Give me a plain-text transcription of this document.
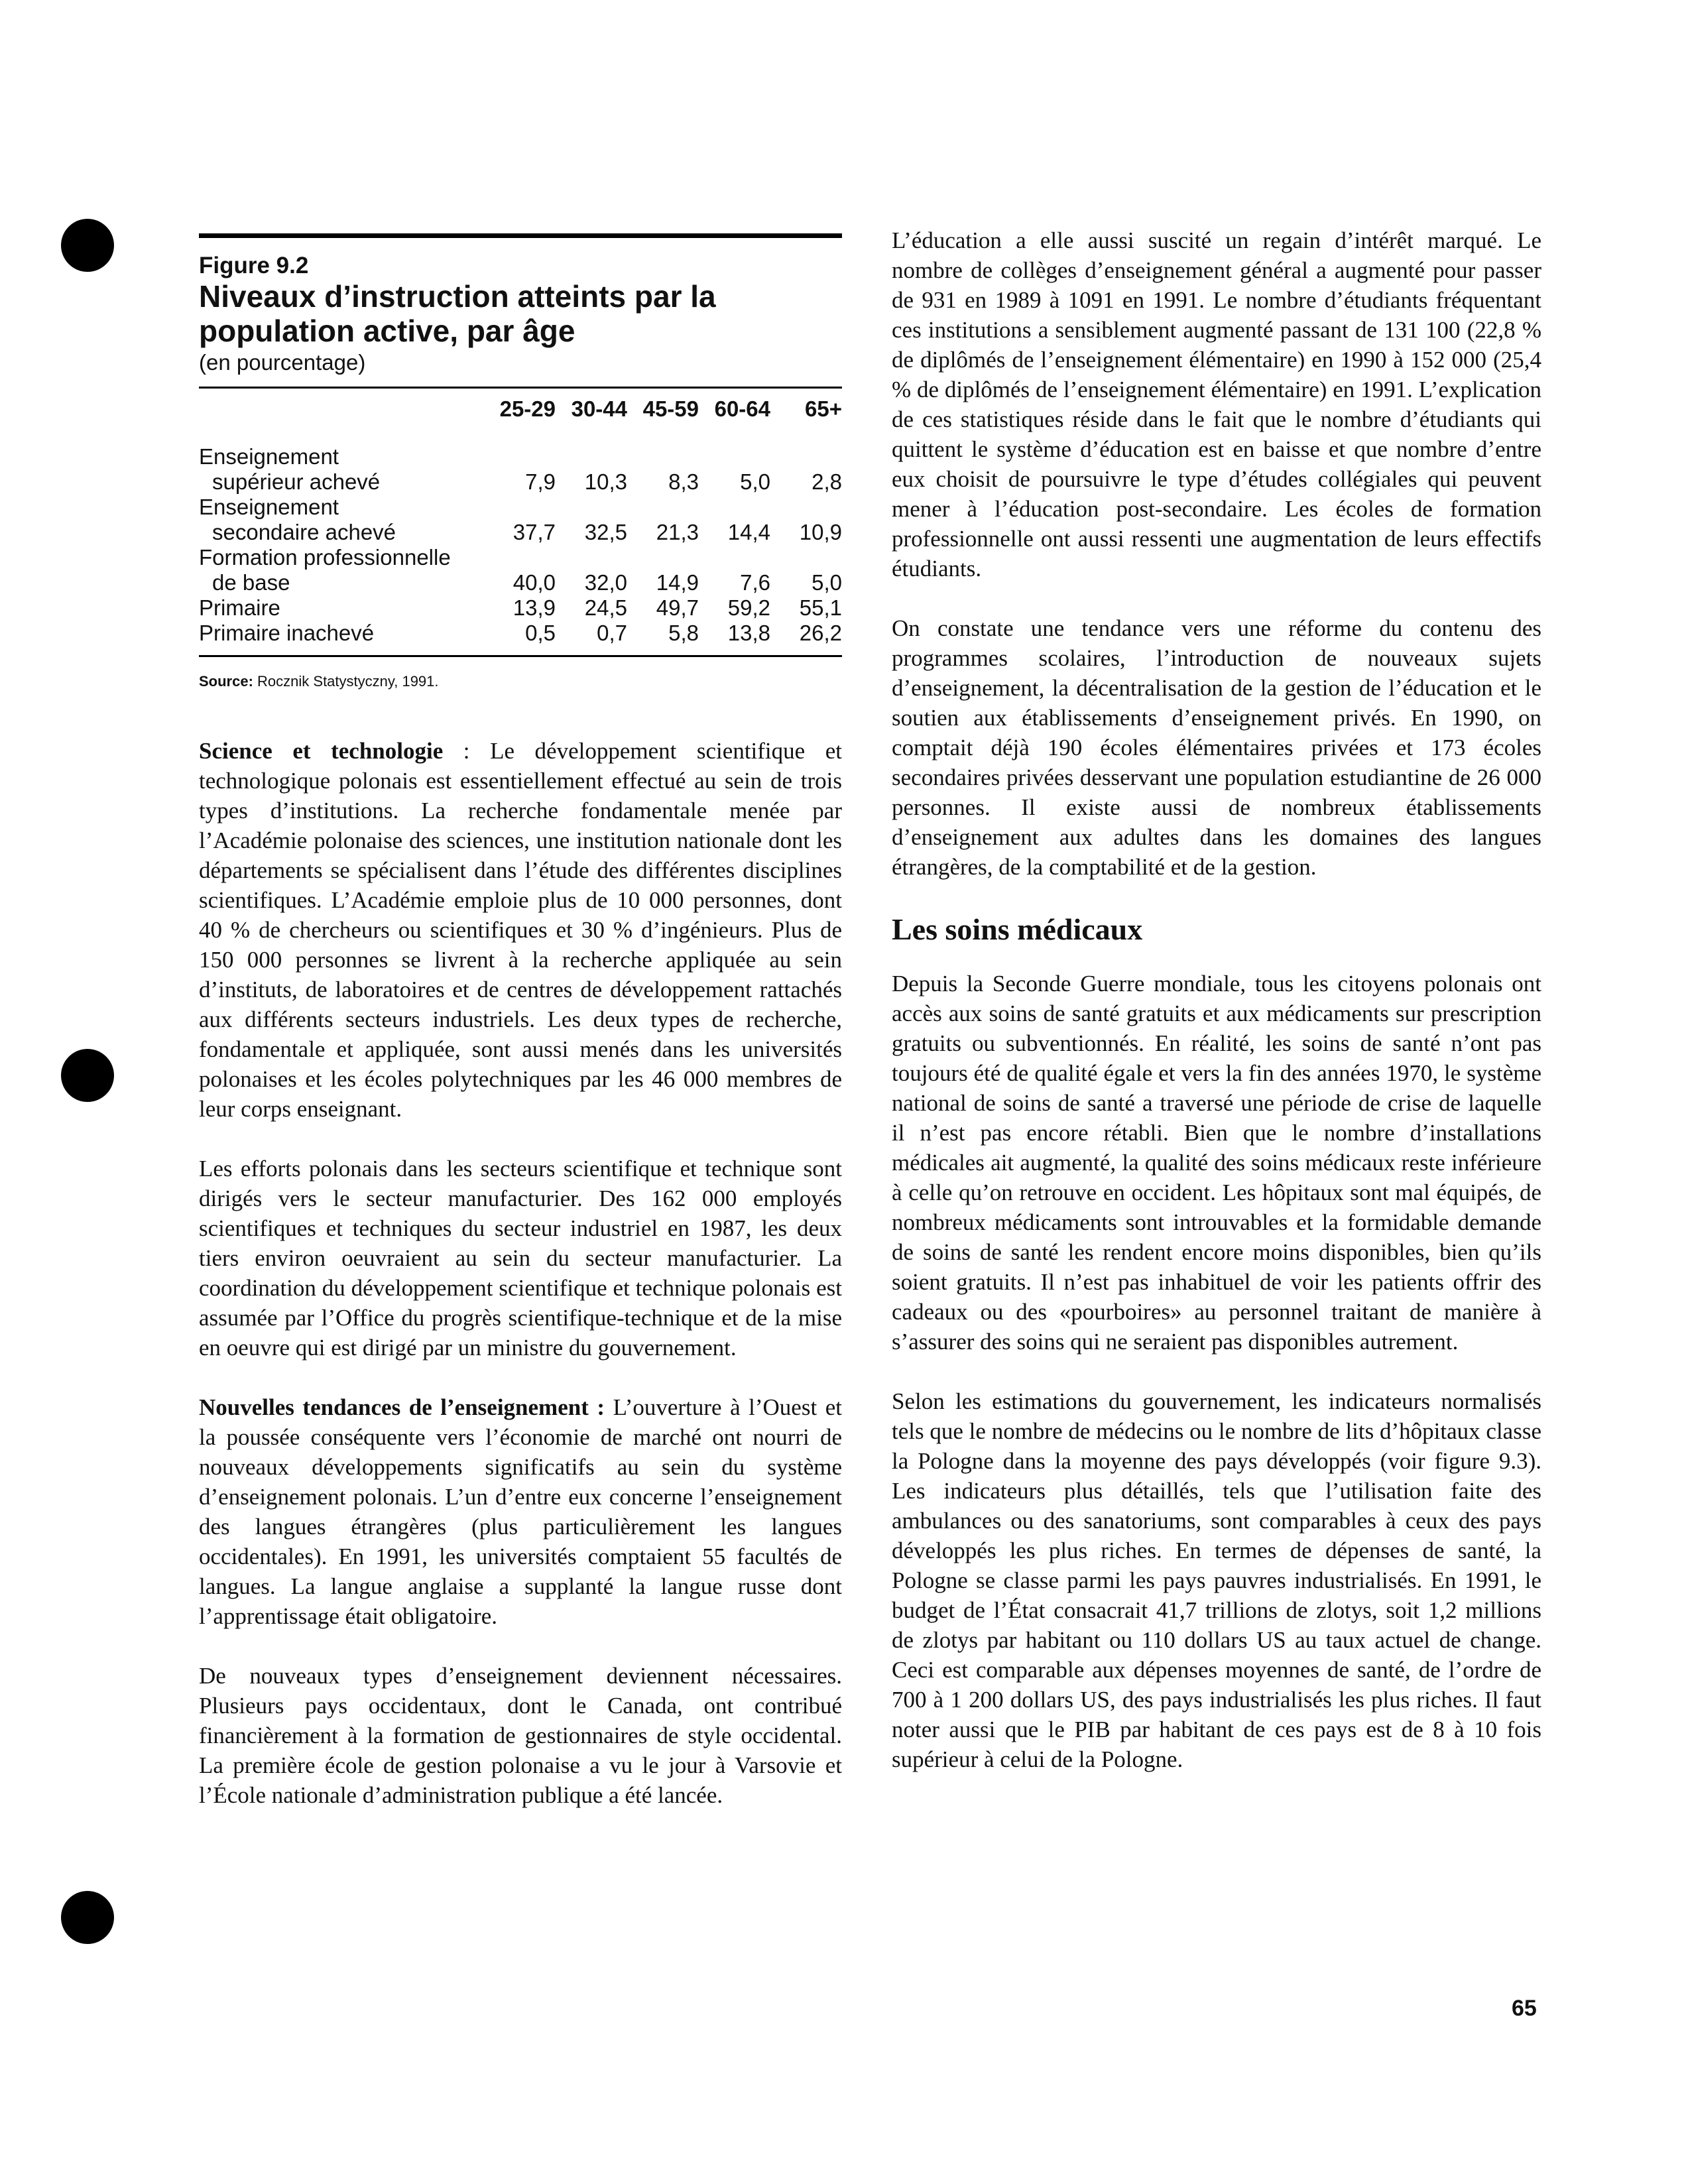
Figure 9.2
Niveaux d’instruction atteints par la population active, par âge
(en pourcentage)
	25-29	30-44	45-59	60-64	65+

Enseignement
supérieur achevé	7,9	10,3	8,3	5,0	2,8

Enseignement
secondaire achevé	37,7	32,5	21,3	14,4	10,9

Formation professionnelle
de base	40,0	32,0	14,9	7,6	5,0
Primaire	13,9	24,5	49,7	59,2	55,1
Primaire inachevé	0,5	0,7	5,8	13,8	26,2
Source: Rocznik Statystyczny, 1991.

Science et technologie : Le développement scientifique et technologique polonais est essentiellement effectué au sein de trois types d’institutions. La recherche fondamentale menée par l’Académie polonaise des sciences, une institution nationale dont les départements se spécialisent dans l’étude des différentes disciplines scientifiques. L’Académie emploie plus de 10 000 personnes, dont 40 % de chercheurs ou scientifiques et 30 % d’ingénieurs. Plus de 150 000 personnes se livrent à la recherche appliquée au sein d’instituts, de laboratoires et de centres de développement rattachés aux différents secteurs industriels. Les deux types de recherche, fondamentale et appliquée, sont aussi menés dans les universités polonaises et les écoles polytechniques par les 46 000 membres de leur corps enseignant.

Les efforts polonais dans les secteurs scientifique et technique sont dirigés vers le secteur manufacturier. Des 162 000 employés scientifiques et techniques du secteur industriel en 1987, les deux tiers environ oeuvraient au sein du secteur manufacturier. La coordination du développement scientifique et technique polonais est assumée par l’Office du progrès scientifique-technique et de la mise en oeuvre qui est dirigé par un ministre du gouvernement.

Nouvelles tendances de l’enseignement : L’ouverture à l’Ouest et la poussée conséquente vers l’économie de marché ont nourri de nouveaux développements significatifs au sein du système d’enseignement polonais. L’un d’entre eux concerne l’enseignement des langues étrangères (plus particulièrement les langues occidentales). En 1991, les universités comptaient 55 facultés de langues. La langue anglaise a supplanté la langue russe dont l’apprentissage était obligatoire.

De nouveaux types d’enseignement deviennent nécessaires. Plusieurs pays occidentaux, dont le Canada, ont contribué financièrement à la formation de gestionnaires de style occidental. La première école de gestion polonaise a vu le jour à Varsovie et l’École nationale d’administration publique a été lancée.

L’éducation a elle aussi suscité un regain d’intérêt marqué. Le nombre de collèges d’enseignement général a augmenté pour passer de 931 en 1989 à 1091 en 1991. Le nombre d’étudiants fréquentant ces institutions a sensiblement augmenté passant de 131 100 (22,8 % de diplômés de l’enseignement élémentaire) en 1990 à 152 000 (25,4 % de diplômés de l’enseignement élémentaire) en 1991. L’explication de ces statistiques réside dans le fait que le nombre d’étudiants qui quittent le système d’éducation est en baisse et que nombre d’entre eux choisit de poursuivre le type d’études collégiales qui peuvent mener à l’éducation post-secondaire. Les écoles de formation professionnelle ont aussi ressenti une augmentation de leurs effectifs étudiants.

On constate une tendance vers une réforme du contenu des programmes scolaires, l’introduction de nouveaux sujets d’enseignement, la décentralisation de la gestion de l’éducation et le soutien aux établissements d’enseignement privés. En 1990, on comptait déjà 190 écoles élémentaires privées et 173 écoles secondaires privées desservant une population estudiantine de 26 000 personnes. Il existe aussi de nombreux établissements d’enseignement aux adultes dans les domaines des langues étrangères, de la comptabilité et de la gestion.

Les soins médicaux

Depuis la Seconde Guerre mondiale, tous les citoyens polonais ont accès aux soins de santé gratuits et aux médicaments sur prescription gratuits ou subventionnés. En réalité, les soins de santé n’ont pas toujours été de qualité égale et vers la fin des années 1970, le système national de soins de santé a traversé une période de crise de laquelle il n’est pas encore rétabli. Bien que le nombre d’installations médicales ait augmenté, la qualité des soins médicaux reste inférieure à celle qu’on retrouve en occident. Les hôpitaux sont mal équipés, de nombreux médicaments sont introuvables et la formidable demande de soins de santé les rendent encore moins disponibles, bien qu’ils soient gratuits. Il n’est pas inhabituel de voir les patients offrir des cadeaux ou des «pourboires» au personnel traitant de manière à s’assurer des soins qui ne seraient pas disponibles autrement.

Selon les estimations du gouvernement, les indicateurs normalisés tels que le nombre de médecins ou le nombre de lits d’hôpitaux classe la Pologne dans la moyenne des pays développés (voir figure 9.3). Les indicateurs plus détaillés, tels que l’utilisation faite des ambulances ou des sanatoriums, sont comparables à ceux des pays développés les plus riches. En termes de dépenses de santé, la Pologne se classe parmi les pays pauvres industrialisés. En 1991, le budget de l’État consacrait 41,7 trillions de zlotys, soit 1,2 millions de zlotys par habitant ou 110 dollars US au taux actuel de change. Ceci est comparable aux dépenses moyennes de santé, de l’ordre de 700 à 1 200 dollars US, des pays industrialisés les plus riches. Il faut noter aussi que le PIB par habitant de ces pays est de 8 à 10 fois supérieur à celui de la Pologne.

65
